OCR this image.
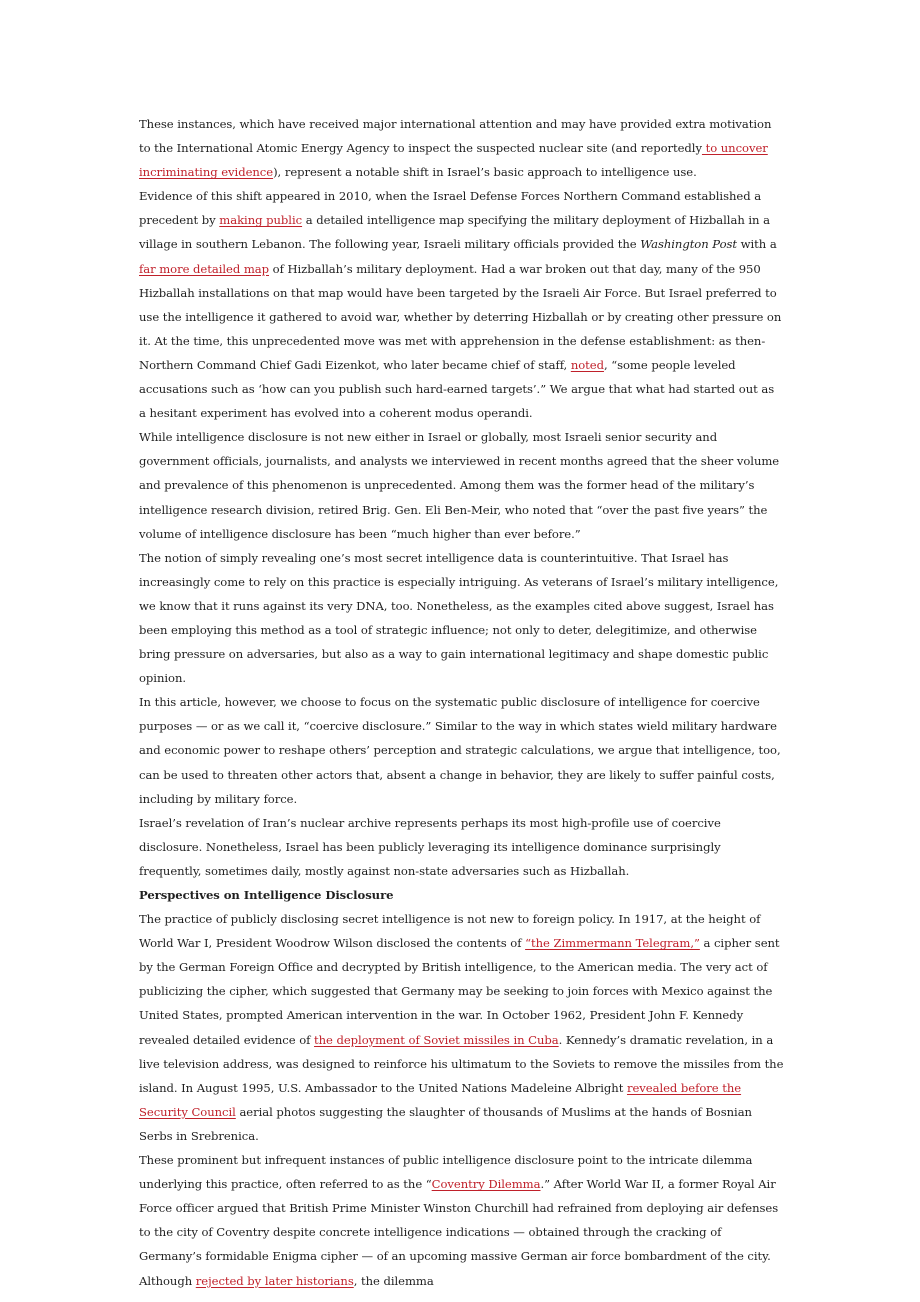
These instances, which have received major international attention and may have provided extra motivation to the International Atomic Energy Agency to inspect the suspected nuclear site (and reportedly to uncover incriminating evidence), represent a notable shift in Israel’s basic approach to intelligence use.

Evidence of this shift appeared in 2010, when the Israel Defense Forces Northern Command established a precedent by making public a detailed intelligence map specifying the military deployment of Hizballah in a village in southern Lebanon. The following year, Israeli military officials provided the Washington Post with a far more detailed map of Hizballah’s military deployment. Had a war broken out that day, many of the 950 Hizballah installations on that map would have been targeted by the Israeli Air Force. But Israel preferred to use the intelligence it gathered to avoid war, whether by deterring Hizballah or by creating other pressure on it. At the time, this unprecedented move was met with apprehension in the defense establishment: as then-Northern Command Chief Gadi Eizenkot, who later became chief of staff, noted, “some people leveled accusations such as ‘how can you publish such hard-earned targets’.” We argue that what had started out as a hesitant experiment has evolved into a coherent modus operandi.

While intelligence disclosure is not new either in Israel or globally, most Israeli senior security and government officials, journalists, and analysts we interviewed in recent months agreed that the sheer volume and prevalence of this phenomenon is unprecedented. Among them was the former head of the military’s intelligence research division, retired Brig. Gen. Eli Ben-Meir, who noted that “over the past five years” the volume of intelligence disclosure has been “much higher than ever before.”

The notion of simply revealing one’s most secret intelligence data is counterintuitive. That Israel has increasingly come to rely on this practice is especially intriguing. As veterans of Israel’s military intelligence, we know that it runs against its very DNA, too. Nonetheless, as the examples cited above suggest, Israel has been employing this method as a tool of strategic influence; not only to deter, delegitimize, and otherwise bring pressure on adversaries, but also as a way to gain international legitimacy and shape domestic public opinion.

In this article, however, we choose to focus on the systematic public disclosure of intelligence for coercive purposes — or as we call it, “coercive disclosure.” Similar to the way in which states wield military hardware and economic power to reshape others’ perception and strategic calculations, we argue that intelligence, too, can be used to threaten other actors that, absent a change in behavior, they are likely to suffer painful costs, including by military force.

Israel’s revelation of Iran’s nuclear archive represents perhaps its most high-profile use of coercive disclosure. Nonetheless, Israel has been publicly leveraging its intelligence dominance surprisingly frequently, sometimes daily, mostly against non-state adversaries such as Hizballah.

Perspectives on Intelligence Disclosure

The practice of publicly disclosing secret intelligence is not new to foreign policy. In 1917, at the height of World War I, President Woodrow Wilson disclosed the contents of “the Zimmermann Telegram,” a cipher sent by the German Foreign Office and decrypted by British intelligence, to the American media. The very act of publicizing the cipher, which suggested that Germany may be seeking to join forces with Mexico against the United States, prompted American intervention in the war. In October 1962, President John F. Kennedy revealed detailed evidence of the deployment of Soviet missiles in Cuba. Kennedy’s dramatic revelation, in a live television address, was designed to reinforce his ultimatum to the Soviets to remove the missiles from the island. In August 1995, U.S. Ambassador to the United Nations Madeleine Albright revealed before the Security Council aerial photos suggesting the slaughter of thousands of Muslims at the hands of Bosnian Serbs in Srebrenica.

These prominent but infrequent instances of public intelligence disclosure point to the intricate dilemma underlying this practice, often referred to as the “Coventry Dilemma.” After World War II, a former Royal Air Force officer argued that British Prime Minister Winston Churchill had refrained from deploying air defenses to the city of Coventry despite concrete intelligence indications — obtained through the cracking of Germany’s formidable Enigma cipher — of an upcoming massive German air force bombardment of the city. Although rejected by later historians, the dilemma
